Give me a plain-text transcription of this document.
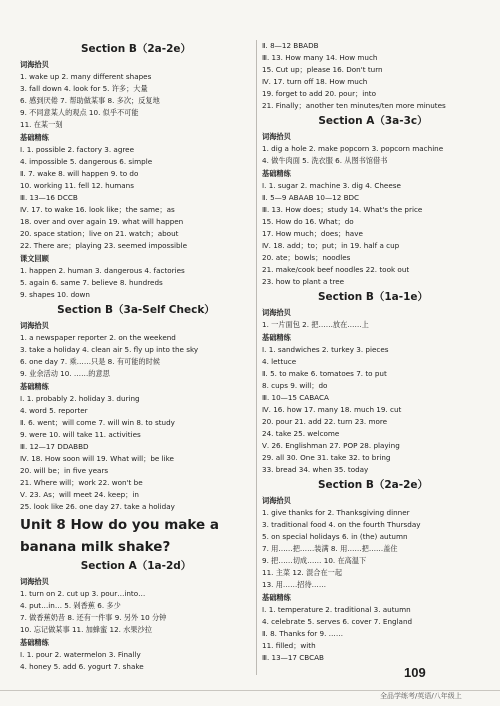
Section B（2a-2e）
词海拾贝
1. wake up 2. many different shapes
3. fall down 4. look for 5. 许多；大量
6. 感到厌倦 7. 帮助做某事 8. 多次；反复地
9. 不同意某人的观点 10. 似乎不可能
11. 在某一刻
基础精练
Ⅰ. 1. possible 2. factory 3. agree
4. impossible 5. dangerous 6. simple
Ⅱ. 7. wake 8. will happen 9. to do
10. working 11. fell 12. humans
Ⅲ. 13—16 DCCB
Ⅳ. 17. to wake 16. look like；the same；as
18. over and over again 19. what will happen
20. space station；live on 21. watch；about
22. There are；playing 23. seemed impossible
课文回顾
1. happen 2. human 3. dangerous 4. factories
5. again 6. same 7. believe 8. hundreds
9. shapes 10. down
Section B（3a-Self Check）
词海拾贝
1. a newspaper reporter 2. on the weekend
3. take a holiday 4. clean air 5. fly up into the sky
6. one day 7. 乘……只是 8. 有可能的时候
9. 业余活动 10. ……的意思
基础精练
Ⅰ. 1. probably 2. holiday 3. during
4. word 5. reporter
Ⅱ. 6. went；will come 7. will win 8. to study
9. were 10. will take 11. activities
Ⅲ. 12—17 DDABBD
Ⅳ. 18. How soon will 19. What will；be like
20. will be；in five years
21. Where will；work 22. won't be
Ⅴ. 23. As；will meet 24. keep；in
25. look like 26. one day 27. take a holiday
Unit 8 How do you make a
banana milk shake?
Section A（1a-2d）
词海拾贝
1. turn on 2. cut up 3. pour…into…
4. put…in… 5. 剁香蕉 6. 多少
7. 做香蕉奶昔 8. 还有一件事 9. 另外 10 分钟
10. 忘记做某事 11. 加蜂蜜 12. 水果沙拉
基础精练
Ⅰ. 1. pour 2. watermelon 3. Finally
4. honey 5. add 6. yogurt 7. shake
Ⅱ. 8—12 BBADB
Ⅲ. 13. How many 14. How much
15. Cut up；please 16. Don't turn
Ⅳ. 17. turn off 18. How much
19. forget to add 20. pour；into
21. Finally；another ten minutes/ten more minutes
Section A（3a-3c）
词海拾贝
1. dig a hole 2. make popcorn 3. popcorn machine
4. 做牛肉面 5. 洗衣服 6. 从图书馆借书
基础精练
Ⅰ. 1. sugar 2. machine 3. dig 4. Cheese
Ⅱ. 5—9 ABAAB 10—12 BDC
Ⅲ. 13. How does；study 14. What's the price
15. How do 16. What；do
17. How much；does；have
Ⅳ. 18. add；to；put；in 19. half a cup
20. ate；bowls；noodles
21. make/cook beef noodles 22. took out
23. how to plant a tree
Section B（1a-1e）
词海拾贝
1. 一片面包 2. 把……放在……上
基础精练
Ⅰ. 1. sandwiches 2. turkey 3. pieces
4. lettuce
Ⅱ. 5. to make 6. tomatoes 7. to put
8. cups 9. will；do
Ⅲ. 10—15 CABACA
Ⅳ. 16. how 17. many 18. much 19. cut
20. pour 21. add 22. turn 23. more
24. take 25. welcome
Ⅴ. 26. Englishman 27. POP 28. playing
29. all 30. One 31. take 32. to bring
33. bread 34. when 35. today
Section B（2a-2e）
词海拾贝
1. give thanks for 2. Thanksgiving dinner
3. traditional food 4. on the fourth Thursday
5. on special holidays 6. in (the) autumn
7. 用……把……装满 8. 用……把……盖住
9. 把……切成…… 10. 在高温下
11. 主菜 12. 混合在一起
13. 用……招待……
基础精练
Ⅰ. 1. temperature 2. traditional 3. autumn
4. celebrate 5. serves 6. cover 7. England
Ⅱ. 8. Thanks for 9. ……
11. filled；with
Ⅲ. 13—17 CBCAB
109
全品学练考/英语/八年级上
